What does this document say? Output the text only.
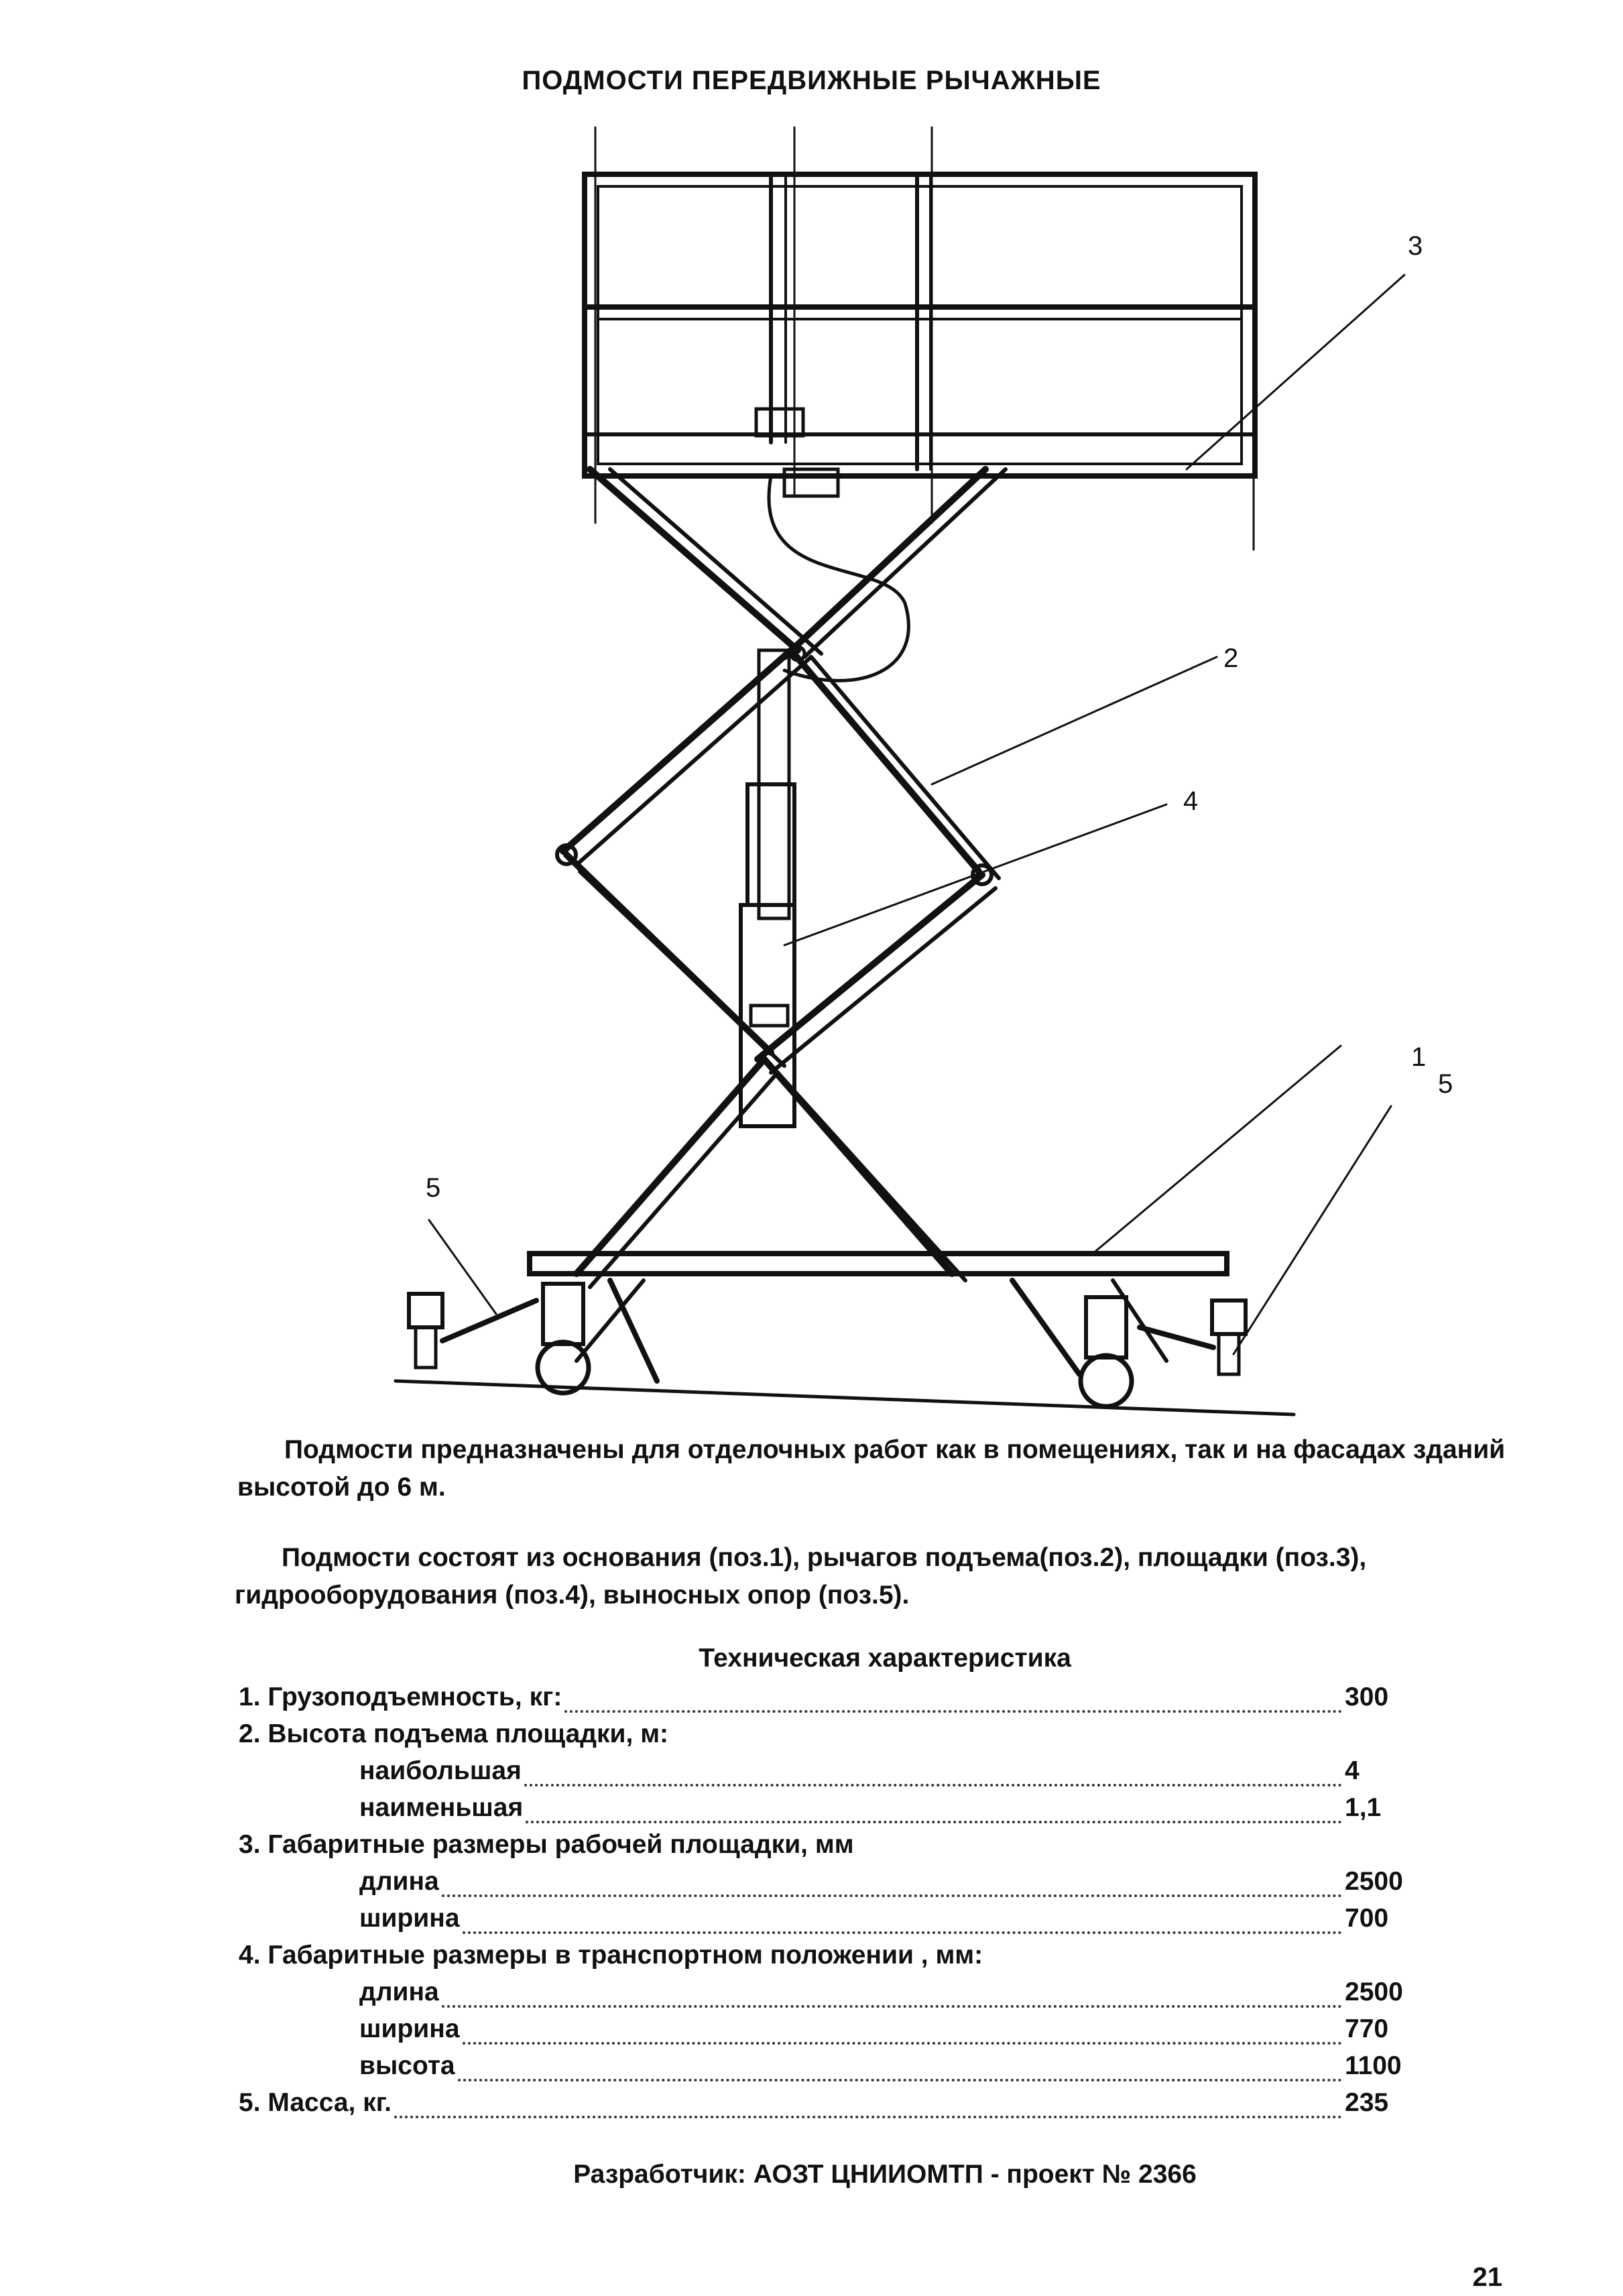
ПОДМОСТИ ПЕРЕДВИЖНЫЕ РЫЧАЖНЫЕ
1
2
3
4
5
5
Подмости предназначены для отделочных работ как в помещениях, так и на фасадах зданий высотой до 6 м.
Подмости состоят из основания (поз.1), рычагов подъема(поз.2), площадки (поз.3), гидрооборудования (поз.4), выносных опор (поз.5).
Техническая характеристика
1. Грузоподъемность, кг:	300
2. Высота подъема площадки, м:
наибольшая	4
наименьшая	1,1
3. Габаритные размеры рабочей площадки, мм
длина	2500
ширина	700
4. Габаритные размеры в транспортном положении , мм:
длина	2500
ширина	770
высота	1100
5. Масса, кг.	235
Разработчик: АОЗТ ЦНИИОМТП - проект № 2366
21
